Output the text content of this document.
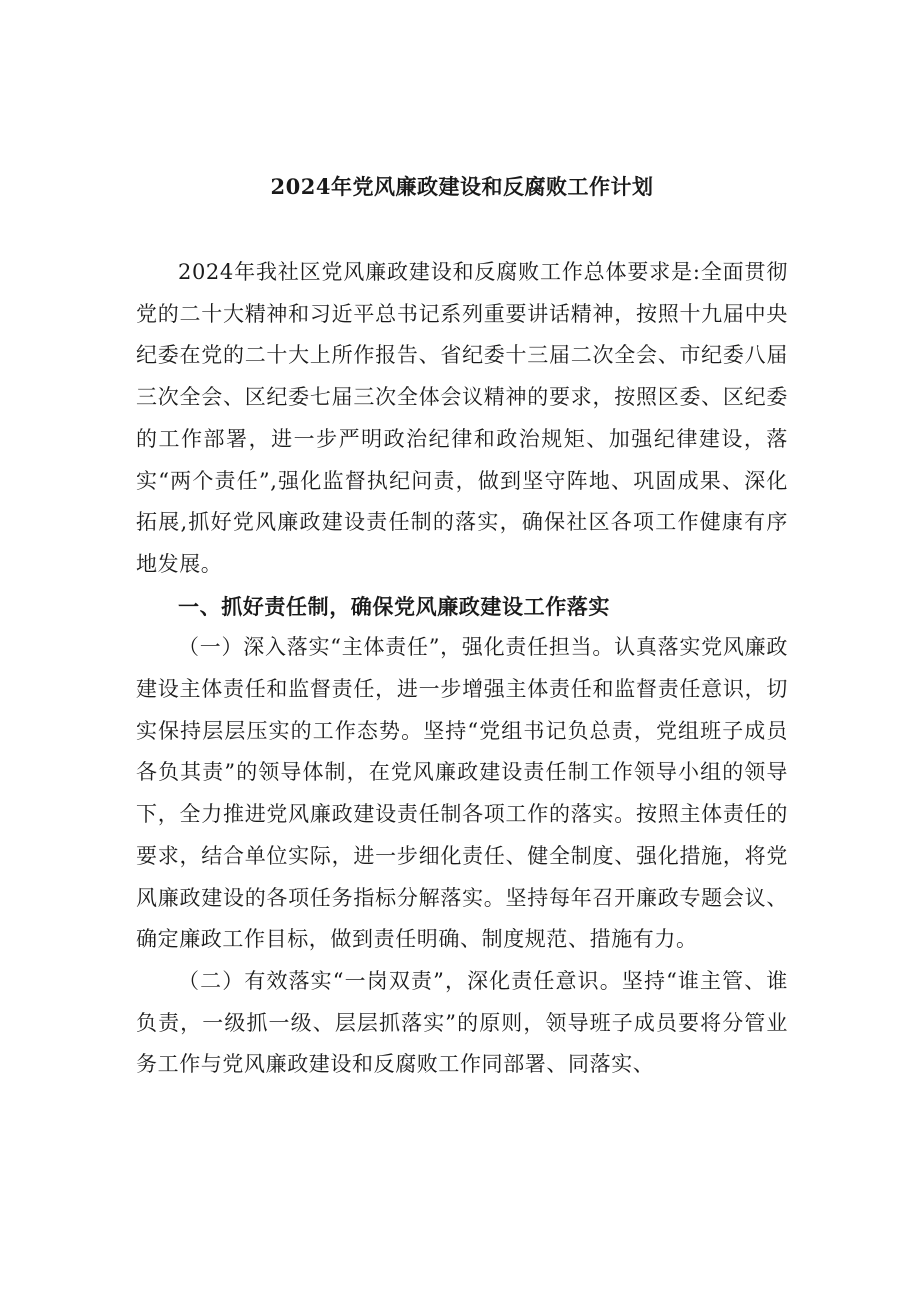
2024年党风廉政建设和反腐败工作计划

2024年我社区党风廉政建设和反腐败工作总体要求是:全面贯彻党的二十大精神和习近平总书记系列重要讲话精神，按照十九届中央纪委在党的二十大上所作报告、省纪委十三届二次全会、市纪委八届三次全会、区纪委七届三次全体会议精神的要求，按照区委、区纪委的工作部署，进一步严明政治纪律和政治规矩、加强纪律建设，落实“两个责任”,强化监督执纪问责，做到坚守阵地、巩固成果、深化拓展,抓好党风廉政建设责任制的落实，确保社区各项工作健康有序地发展。

一、抓好责任制，确保党风廉政建设工作落实

（一）深入落实“主体责任”，强化责任担当。认真落实党风廉政建设主体责任和监督责任，进一步增强主体责任和监督责任意识，切实保持层层压实的工作态势。坚持“党组书记负总责，党组班子成员各负其责”的领导体制，在党风廉政建设责任制工作领导小组的领导下，全力推进党风廉政建设责任制各项工作的落实。按照主体责任的要求，结合单位实际，进一步细化责任、健全制度、强化措施，将党风廉政建设的各项任务指标分解落实。坚持每年召开廉政专题会议、确定廉政工作目标，做到责任明确、制度规范、措施有力。

（二）有效落实“一岗双责”，深化责任意识。坚持“谁主管、谁负责，一级抓一级、层层抓落实”的原则，领导班子成员要将分管业务工作与党风廉政建设和反腐败工作同部署、同落实、
